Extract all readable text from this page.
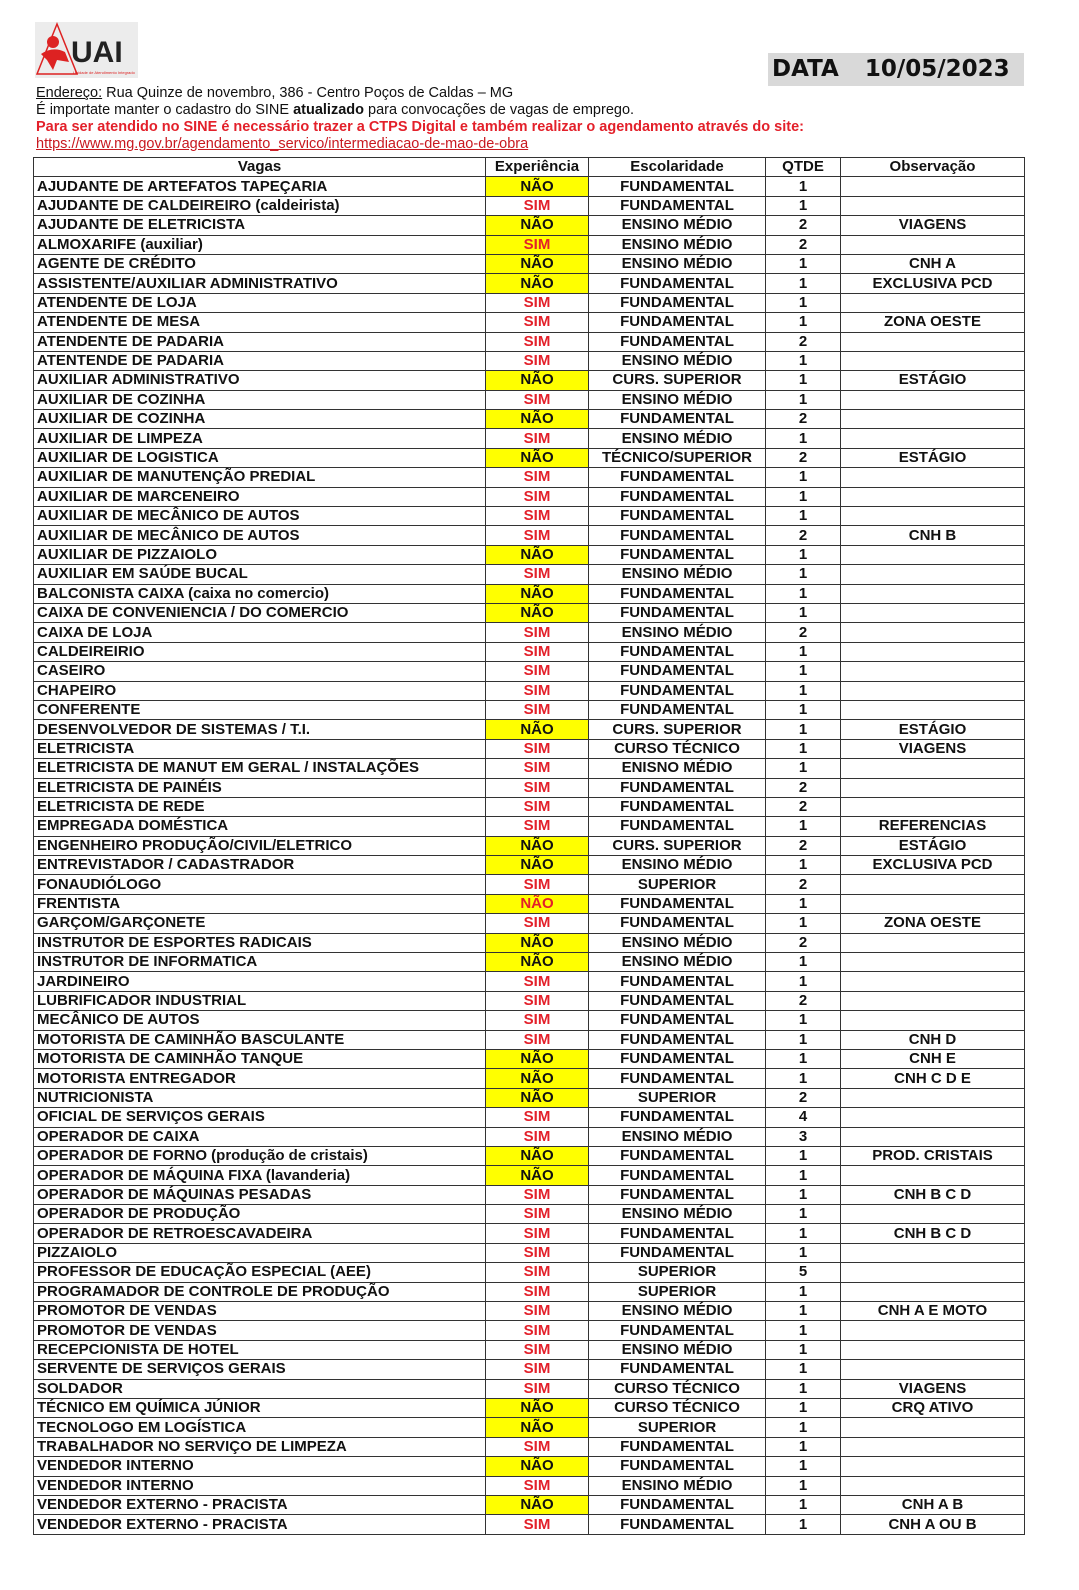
UAI
Unidade de Atendimento Integrado	DATA 10/05/2023
Endereço: Rua Quinze de novembro, 386 - Centro Poços de Caldas – MG
É importate manter o cadastro do SINE atualizado para convocações de vagas de emprego.
Para ser atendido no SINE é necessário trazer a CTPS Digital e também realizar o agendamento através do site:
https://www.mg.gov.br/agendamento_servico/intermediacao-de-mao-de-obra
Vagas	Experiência	Escolaridade	QTDE	Observação
AJUDANTE DE ARTEFATOS TAPEÇARIA	NÃO	FUNDAMENTAL	1	
AJUDANTE DE CALDEIREIRO (caldeirista)	SIM	FUNDAMENTAL	1	
AJUDANTE DE ELETRICISTA	NÃO	ENSINO MÉDIO	2	VIAGENS
ALMOXARIFE (auxiliar)	SIM	ENSINO MÉDIO	2	
AGENTE DE CRÉDITO	NÃO	ENSINO MÉDIO	1	CNH A
ASSISTENTE/AUXILIAR ADMINISTRATIVO	NÃO	FUNDAMENTAL	1	EXCLUSIVA PCD
ATENDENTE DE LOJA	SIM	FUNDAMENTAL	1	
ATENDENTE DE MESA	SIM	FUNDAMENTAL	1	ZONA OESTE
ATENDENTE DE PADARIA	SIM	FUNDAMENTAL	2	
ATENTENDE DE PADARIA	SIM	ENSINO MÉDIO	1	
AUXILIAR ADMINISTRATIVO	NÃO	CURS. SUPERIOR	1	ESTÁGIO
AUXILIAR DE COZINHA	SIM	ENSINO MÉDIO	1	
AUXILIAR DE COZINHA	NÃO	FUNDAMENTAL	2	
AUXILIAR DE LIMPEZA	SIM	ENSINO MÉDIO	1	
AUXILIAR DE LOGISTICA	NÃO	TÉCNICO/SUPERIOR	2	ESTÁGIO
AUXILIAR DE MANUTENÇÃO PREDIAL	SIM	FUNDAMENTAL	1	
AUXILIAR DE MARCENEIRO	SIM	FUNDAMENTAL	1	
AUXILIAR DE MECÂNICO DE AUTOS	SIM	FUNDAMENTAL	1	
AUXILIAR DE MECÂNICO DE AUTOS	SIM	FUNDAMENTAL	2	CNH B
AUXILIAR DE PIZZAIOLO	NÃO	FUNDAMENTAL	1	
AUXILIAR EM SAÚDE BUCAL	SIM	ENSINO MÉDIO	1	
BALCONISTA CAIXA (caixa no comercio)	NÃO	FUNDAMENTAL	1	
CAIXA DE CONVENIENCIA / DO COMERCIO	NÃO	FUNDAMENTAL	1	
CAIXA DE LOJA	SIM	ENSINO MÉDIO	2	
CALDEIREIRIO	SIM	FUNDAMENTAL	1	
CASEIRO	SIM	FUNDAMENTAL	1	
CHAPEIRO	SIM	FUNDAMENTAL	1	
CONFERENTE	SIM	FUNDAMENTAL	1	
DESENVOLVEDOR DE SISTEMAS / T.I.	NÃO	CURS. SUPERIOR	1	ESTÁGIO
ELETRICISTA	SIM	CURSO TÉCNICO	1	VIAGENS
ELETRICISTA DE MANUT EM GERAL / INSTALAÇÕES	SIM	ENISNO MÉDIO	1	
ELETRICISTA DE PAINÉIS	SIM	FUNDAMENTAL	2	
ELETRICISTA DE REDE	SIM	FUNDAMENTAL	2	
EMPREGADA DOMÉSTICA	SIM	FUNDAMENTAL	1	REFERENCIAS
ENGENHEIRO PRODUÇÃO/CIVIL/ELETRICO	NÃO	CURS. SUPERIOR	2	ESTÁGIO
ENTREVISTADOR / CADASTRADOR	NÃO	ENSINO MÉDIO	1	EXCLUSIVA PCD
FONAUDIÓLOGO	SIM	SUPERIOR	2	
FRENTISTA	NÃO	FUNDAMENTAL	1	
GARÇOM/GARÇONETE	SIM	FUNDAMENTAL	1	ZONA OESTE
INSTRUTOR DE ESPORTES RADICAIS	NÃO	ENSINO MÉDIO	2	
INSTRUTOR DE INFORMATICA	NÃO	ENSINO MÉDIO	1	
JARDINEIRO	SIM	FUNDAMENTAL	1	
LUBRIFICADOR INDUSTRIAL	SIM	FUNDAMENTAL	2	
MECÂNICO DE AUTOS	SIM	FUNDAMENTAL	1	
MOTORISTA DE CAMINHÃO BASCULANTE	SIM	FUNDAMENTAL	1	CNH D
MOTORISTA DE CAMINHÃO TANQUE	NÃO	FUNDAMENTAL	1	CNH E
MOTORISTA ENTREGADOR	NÃO	FUNDAMENTAL	1	CNH C D E
NUTRICIONISTA	NÃO	SUPERIOR	2	
OFICIAL DE SERVIÇOS GERAIS	SIM	FUNDAMENTAL	4	
OPERADOR DE CAIXA	SIM	ENSINO MÉDIO	3	
OPERADOR DE FORNO (produção de cristais)	NÃO	FUNDAMENTAL	1	PROD. CRISTAIS
OPERADOR DE MÁQUINA FIXA (lavanderia)	NÃO	FUNDAMENTAL	1	
OPERADOR DE MÁQUINAS PESADAS	SIM	FUNDAMENTAL	1	CNH B C D
OPERADOR DE PRODUÇÃO	SIM	ENSINO MÉDIO	1	
OPERADOR DE RETROESCAVADEIRA	SIM	FUNDAMENTAL	1	CNH B C D
PIZZAIOLO	SIM	FUNDAMENTAL	1	
PROFESSOR DE EDUCAÇÃO ESPECIAL (AEE)	SIM	SUPERIOR	5	
PROGRAMADOR DE CONTROLE DE PRODUÇÃO	SIM	SUPERIOR	1	
PROMOTOR DE VENDAS	SIM	ENSINO MÉDIO	1	CNH A E MOTO
PROMOTOR DE VENDAS	SIM	FUNDAMENTAL	1	
RECEPCIONISTA DE HOTEL	SIM	ENSINO MÉDIO	1	
SERVENTE DE SERVIÇOS GERAIS	SIM	FUNDAMENTAL	1	
SOLDADOR	SIM	CURSO TÉCNICO	1	VIAGENS
TÉCNICO EM QUÍMICA JÚNIOR	NÃO	CURSO TÉCNICO	1	CRQ ATIVO
TECNOLOGO EM LOGÍSTICA	NÃO	SUPERIOR	1	
TRABALHADOR NO SERVIÇO DE LIMPEZA	SIM	FUNDAMENTAL	1	
VENDEDOR INTERNO	NÃO	FUNDAMENTAL	1	
VENDEDOR INTERNO	SIM	ENSINO MÉDIO	1	
VENDEDOR EXTERNO - PRACISTA	NÃO	FUNDAMENTAL	1	CNH A B
VENDEDOR EXTERNO - PRACISTA	SIM	FUNDAMENTAL	1	CNH A OU B
